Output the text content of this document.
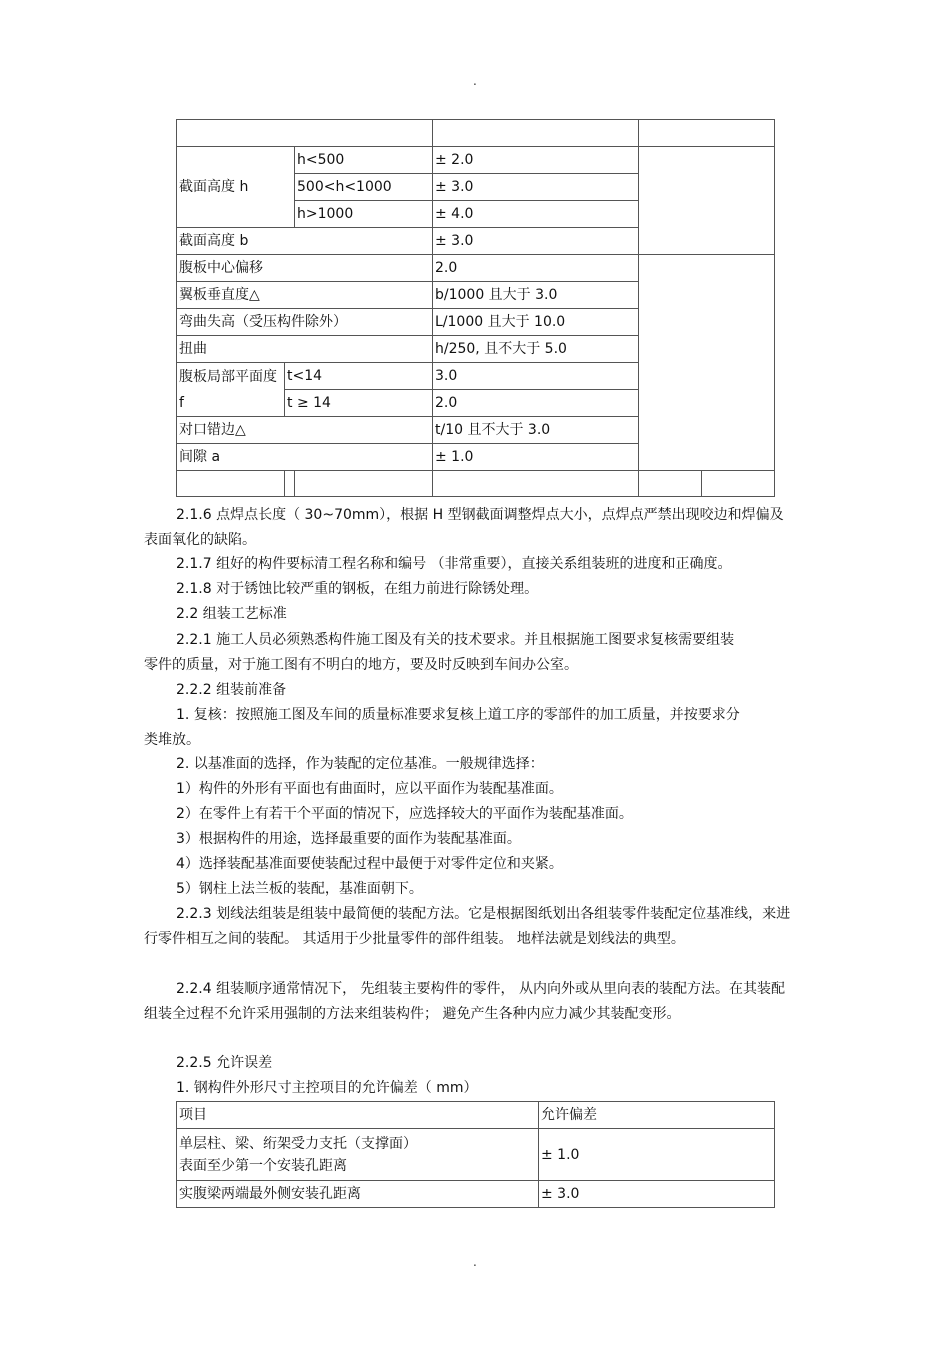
.

截面高度 h		h<500	± 2.0		
		500<h<1000	± 3.0		
		h>1000	± 4.0		
截面高度 b			± 3.0		
腹板中心偏移			2.0		
翼板垂直度△			b/1000 且大于 3.0		
弯曲失高（受压构件除外）			L/1000 且大于 10.0		
扭曲			h/250, 且不大于 5.0		
腹板局部平面度 f	t<14		3.0		
	t ≥ 14		2.0		
对口错边△			t/10 且不大于 3.0		
间隙 a			± 1.0		

2.1.6 点焊点长度（ 30~70mm），根据 H 型钢截面调整焊点大小，点焊点严禁出现咬边和焊偏及表面氧化的缺陷。

2.1.7 组好的构件要标清工程名称和编号 （非常重要），直接关系组装班的进度和正确度。
2.1.8 对于锈蚀比较严重的钢板，在组力前进行除锈处理。
2.2 组装工艺标准

2.2.1 施工人员必须熟悉构件施工图及有关的技术要求。并且根据施工图要求复核需要组装零件的质量，对于施工图有不明白的地方，要及时反映到车间办公室。

2.2.2 组装前准备

1. 复核：按照施工图及车间的质量标准要求复核上道工序的零部件的加工质量，并按要求分类堆放。

2. 以基准面的选择，作为装配的定位基准。一般规律选择：
1）构件的外形有平面也有曲面时，应以平面作为装配基准面。
2）在零件上有若干个平面的情况下，应选择较大的平面作为装配基准面。
3）根据构件的用途，选择最重要的面作为装配基准面。
4）选择装配基准面要使装配过程中最便于对零件定位和夹紧。
5）钢柱上法兰板的装配，基准面朝下。

2.2.3 划线法组装是组装中最简便的装配方法。它是根据图纸划出各组装零件装配定位基准线，来进行零件相互之间的装配。 其适用于少批量零件的部件组装。 地样法就是划线法的典型。

2.2.4 组装顺序通常情况下， 先组装主要构件的零件， 从内向外或从里向表的装配方法。在其装配组装全过程不允许采用强制的方法来组装构件； 避免产生各种内应力减少其装配变形。

2.2.5 允许误差
1. 钢构件外形尺寸主控项目的允许偏差（ mm）
项目	允许偏差

单层柱、梁、绗架受力支托（支撑面）
表面至少第一个安装孔距离	± 1.0
实腹梁两端最外侧安装孔距离	± 3.0
.
